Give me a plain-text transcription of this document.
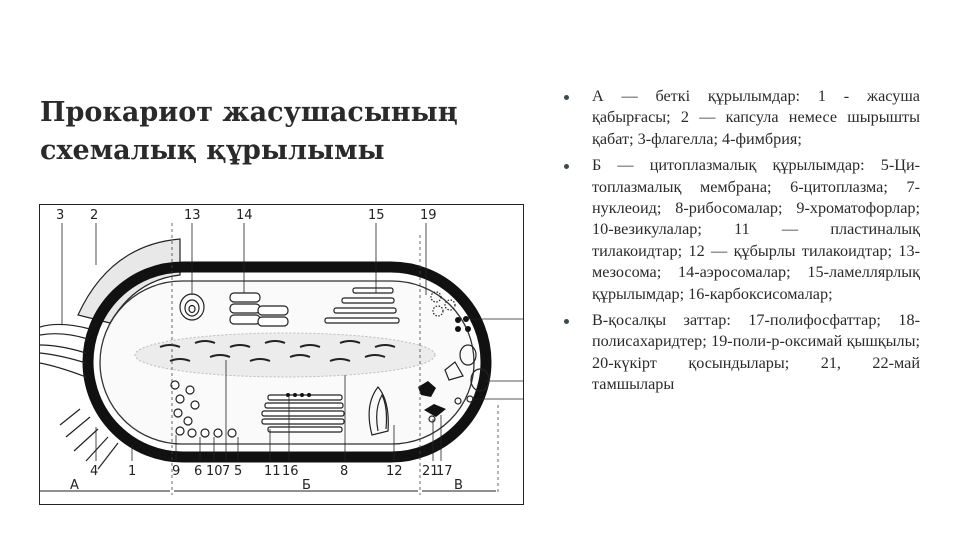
Прокариот жасушасының схемалық құрылымы
3 2	13	14	15	19
4 1	9 6 10 7 5 11 16	8	12 21
17
А	Б	В
А — беткі құрылымдар: 1 - жасуша қабырғасы; 2 — капсула немесе шырышты қабат; 3-флагелла; 4-фимбрия;
Б — цитоплазмалық құрылымдар: 5-Ци-топлазмалық мембрана; 6-цитоплазма; 7-нуклеоид; 8-рибосомалар; 9-хроматофорлар; 10-везикулалар; 11 — пластиналық тилакоидтар; 12 — құбырлы тилакоидтар; 13-мезосома; 14-аэросомалар; 15-ламеллярлық құрылымдар; 16-карбоксисомалар;
В-қосалқы заттар: 17-полифосфаттар; 18-полисахаридтер; 19-поли-р-оксимай қышқылы; 20-күкірт қосындылары; 21, 22-май тамшылары
